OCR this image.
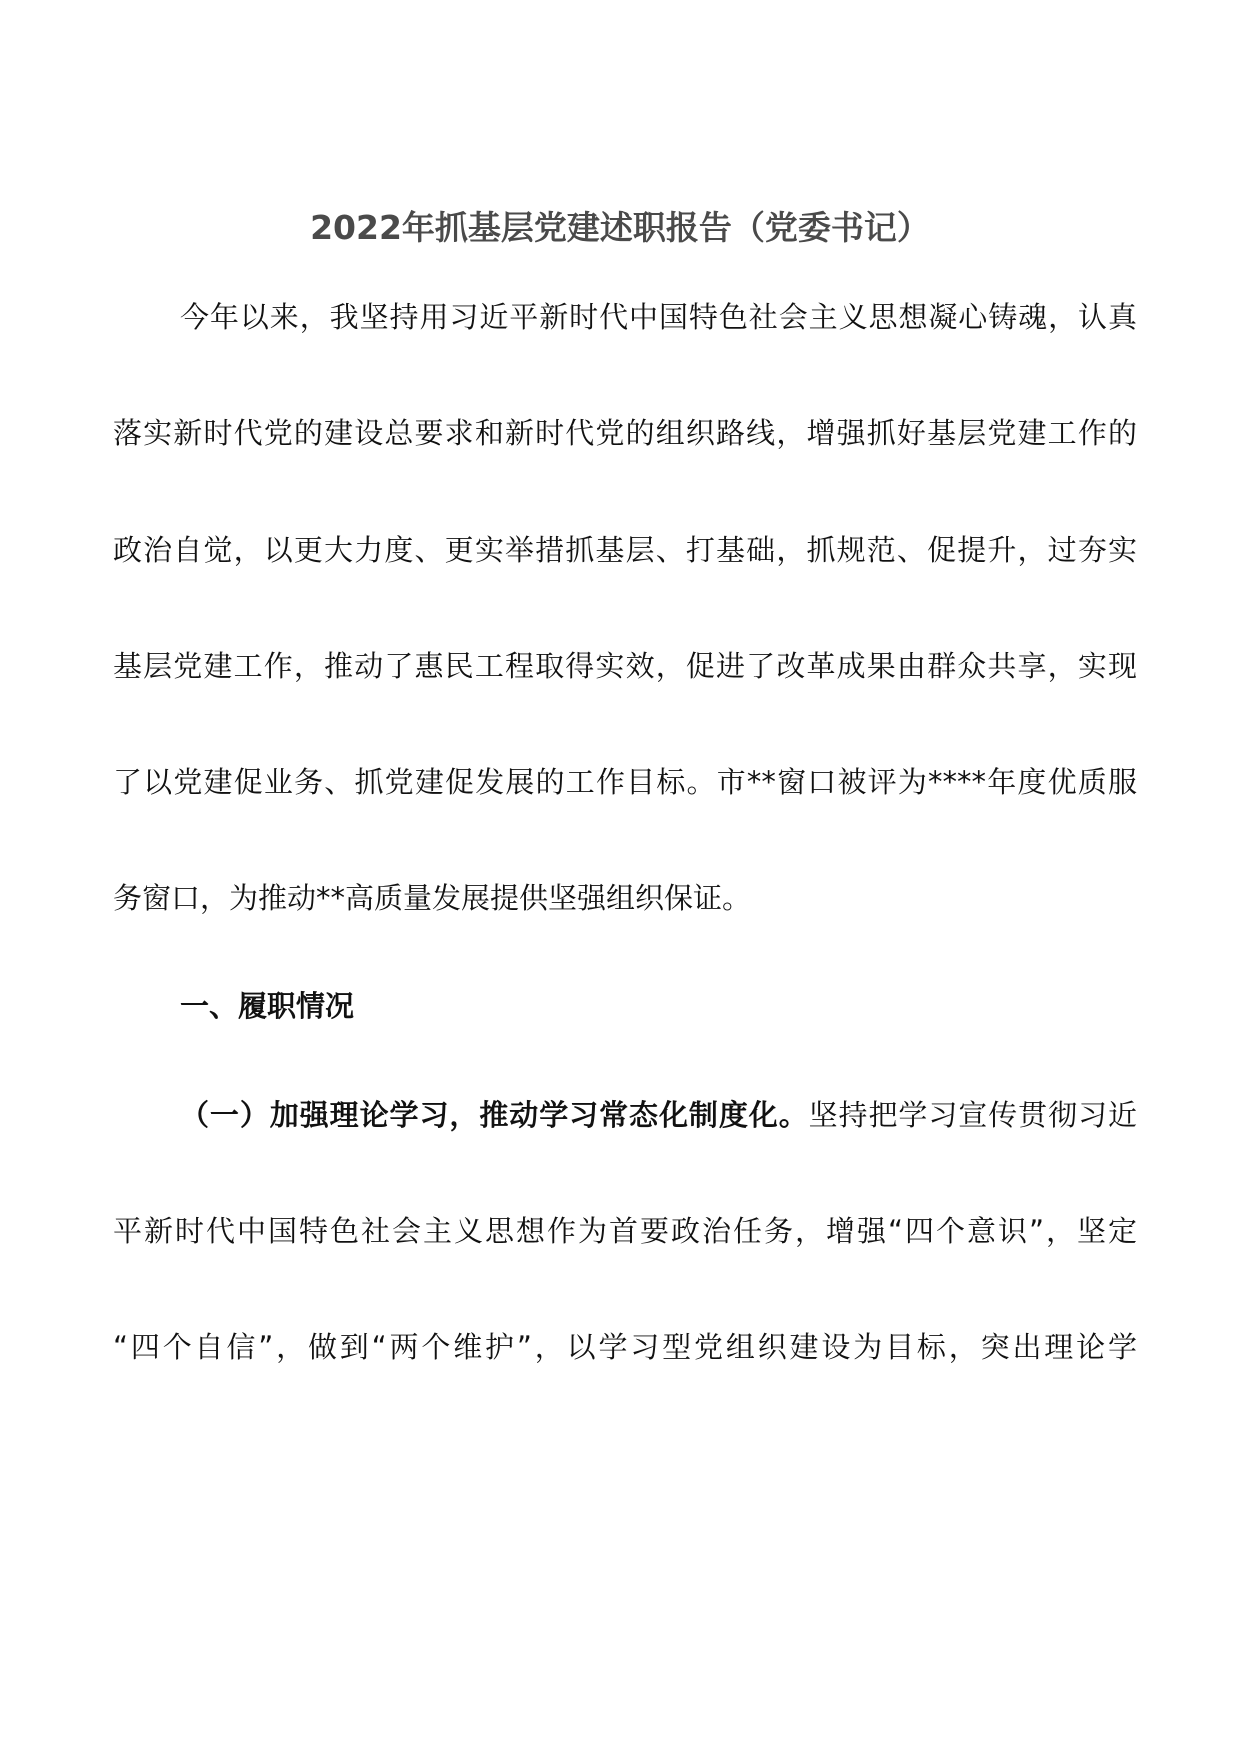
2022年抓基层党建述职报告（党委书记）
今年以来，我坚持用习近平新时代中国特色社会主义思想凝心铸魂，认真
落实新时代党的建设总要求和新时代党的组织路线，增强抓好基层党建工作的
政治自觉，以更大力度、更实举措抓基层、打基础，抓规范、促提升，过夯实
基层党建工作，推动了惠民工程取得实效，促进了改革成果由群众共享，实现
了以党建促业务、抓党建促发展的工作目标。市**窗口被评为****年度优质服
务窗口，为推动**高质量发展提供坚强组织保证。
一、履职情况
（一）加强理论学习，推动学习常态化制度化。坚持把学习宣传贯彻习近
平新时代中国特色社会主义思想作为首要政治任务，增强“四个意识”，坚定
“四个自信”，做到“两个维护”，以学习型党组织建设为目标，突出理论学
